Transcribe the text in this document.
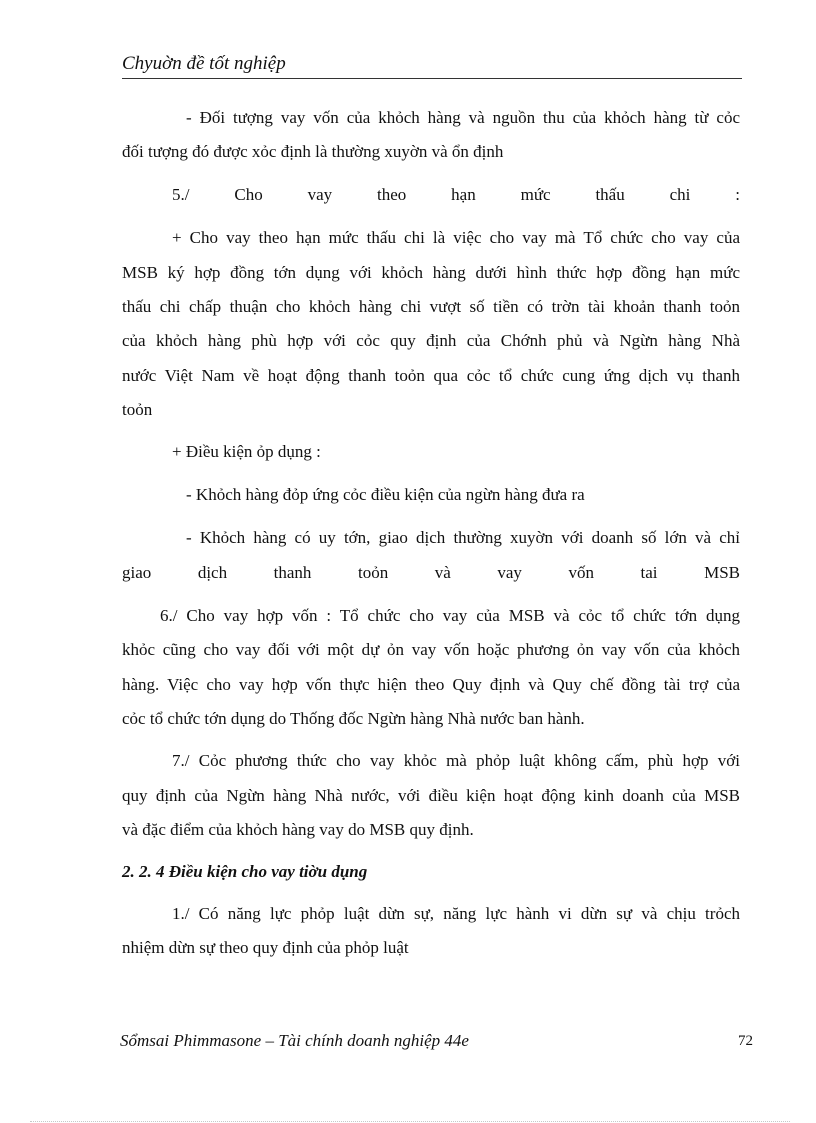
Chyuờn đề tốt nghiệp
- Đối tượng vay vốn của khỏch hàng và nguồn thu của khỏch hàng từ cỏc
đối tượng đó được xỏc định là thường xuyờn và ổn định
5./ Cho vay theo hạn mức thấu chi :
+ Cho vay theo hạn mức thấu chi là việc cho vay mà Tổ chức cho vay của
MSB ký hợp đồng tớn dụng với khỏch hàng dưới hình thức hợp đồng hạn mức
thấu chi chấp thuận cho khỏch hàng chi vượt số tiền có trờn tài khoản thanh toỏn
của khỏch hàng phù hợp với cỏc quy định của Chớnh phủ và Ngừn hàng Nhà
nước Việt Nam về hoạt động thanh toỏn qua cỏc tổ chức cung ứng dịch vụ thanh
toỏn
+ Điều kiện ỏp dụng :
- Khỏch hàng đỏp ứng cỏc điều kiện của ngừn hàng đưa ra
- Khỏch hàng có uy tớn, giao dịch thường xuyờn với doanh số lớn và chỉ
giao dịch thanh toỏn và vay vốn tai MSB
6./ Cho vay hợp vốn : Tổ chức cho vay của MSB và cỏc tổ chức tớn dụng
khỏc cũng cho vay đối với một dự ỏn vay vốn hoặc phương ỏn vay vốn của khỏch
hàng. Việc cho vay hợp vốn thực hiện theo Quy định và Quy chế đồng tài trợ của
cỏc tổ chức tớn dụng do Thống đốc Ngừn hàng Nhà nước ban hành.
7./ Cỏc phương thức cho vay khỏc mà phỏp luật không cấm, phù hợp với
quy định của Ngừn hàng Nhà nước, với điều kiện hoạt động kinh doanh của MSB
và đặc điểm của khỏch hàng vay do MSB quy định.
2. 2. 4 Điều kiện cho vay tiờu dụng
1./ Có năng lực phỏp luật dừn sự, năng lực hành vi dừn sự và chịu trỏch
nhiệm dừn sự theo quy định của phỏp luật
Sổmsai Phimmasone – Tài chính doanh nghiệp 44e	72
